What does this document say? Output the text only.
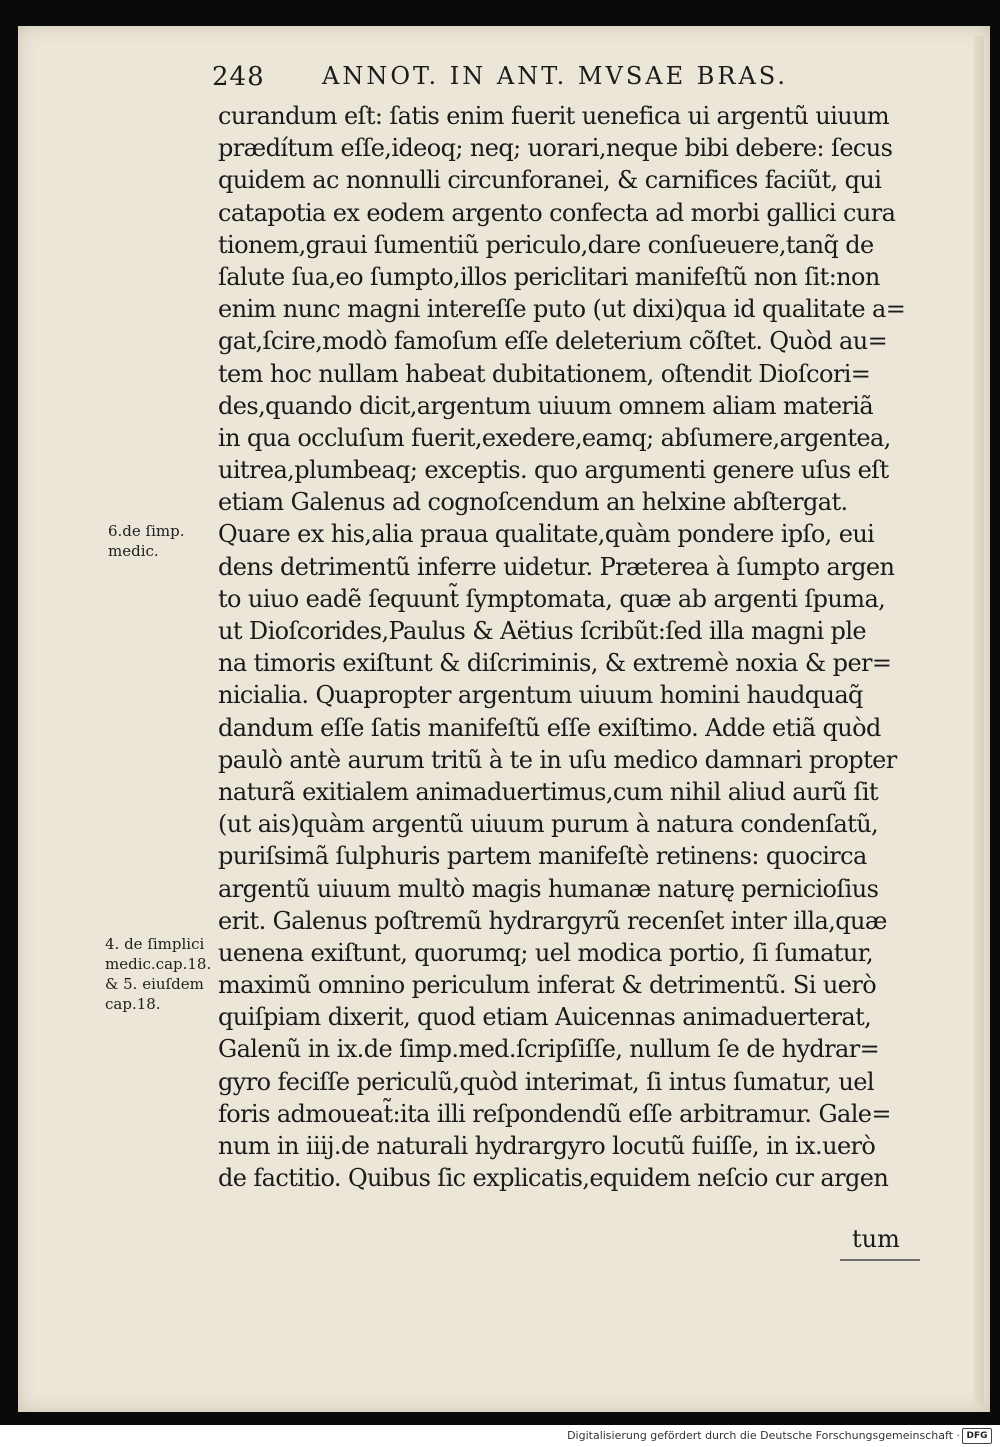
248 ANNOT. IN ANT. MVSAE BRAS.
curandum eſt: ſatis enim fuerit uenefica ui argentũ uiuum
prædítum eſſe,ideoq; neq; uorari,neque bibi debere: ſecus
quidem ac nonnulli circunforanei, & carnifices faciũt, qui
catapotia ex eodem argento confecta ad morbi gallici cura
tionem,graui ſumentiũ periculo,dare conſueuere,tanq̃ de
ſalute ſua,eo ſumpto,illos periclitari manifeſtũ non ſit:non
enim nunc magni intereſſe puto (ut dixi)qua id qualitate a=
gat,ſcire,modò famoſum eſſe deleterium cõſtet. Quòd au=
tem hoc nullam habeat dubitationem, oſtendit Dioſcori=
des,quando dicit,argentum uiuum omnem aliam materiã
in qua occluſum fuerit,exedere,eamq; abſumere,argentea,
uitrea,plumbeaq; exceptis. quo argumenti genere uſus eſt
etiam Galenus ad cognoſcendum an helxine abſtergat.
Quare ex his,alia praua qualitate,quàm pondere ipſo, eui
dens detrimentũ inferre uidetur. Præterea à ſumpto argen
to uiuo eadẽ ſequunt̃ ſymptomata, quæ ab argenti ſpuma,
ut Dioſcorides,Paulus & Aëtius ſcribũt:ſed illa magni ple
na timoris exiſtunt & diſcriminis, & extremè noxia & per=
nicialia. Quapropter argentum uiuum homini haudquaq̃
dandum eſſe ſatis manifeſtũ eſſe exiſtimo. Adde etiã quòd
paulò antè aurum tritũ à te in uſu medico damnari propter
naturã exitialem animaduertimus,cum nihil aliud aurũ ſit
(ut ais)quàm argentũ uiuum purum à natura condenſatũ,
puriſsimã ſulphuris partem manifeſtè retinens: quocirca
argentũ uiuum multò magis humanæ naturę pernicioſius
erit. Galenus poſtremũ hydrargyrũ recenſet inter illa,quæ
uenena exiſtunt, quorumq; uel modica portio, ſi ſumatur,
maximũ omnino periculum inferat & detrimentũ. Si uerò
quiſpiam dixerit, quod etiam Auicennas animaduerterat,
Galenũ in ix.de ſimp.med.ſcripſiſſe, nullum ſe de hydrar=
gyro feciſſe periculũ,quòd interimat, ſi intus ſumatur, uel
foris admoueat̃:ita illi reſpondendũ eſſe arbitramur. Gale=
num in iiij.de naturali hydrargyro locutũ fuiſſe, in ix.uerò
de factitio. Quibus ſic explicatis,equidem neſcio cur argen
tum
6.de ſimp.
medic.
4. de ſimplici
medic.cap.18.
& 5. eiuſdem
cap.18.
Digitalisierung gefördert durch die Deutsche Forschungsgemeinschaft · DFG
